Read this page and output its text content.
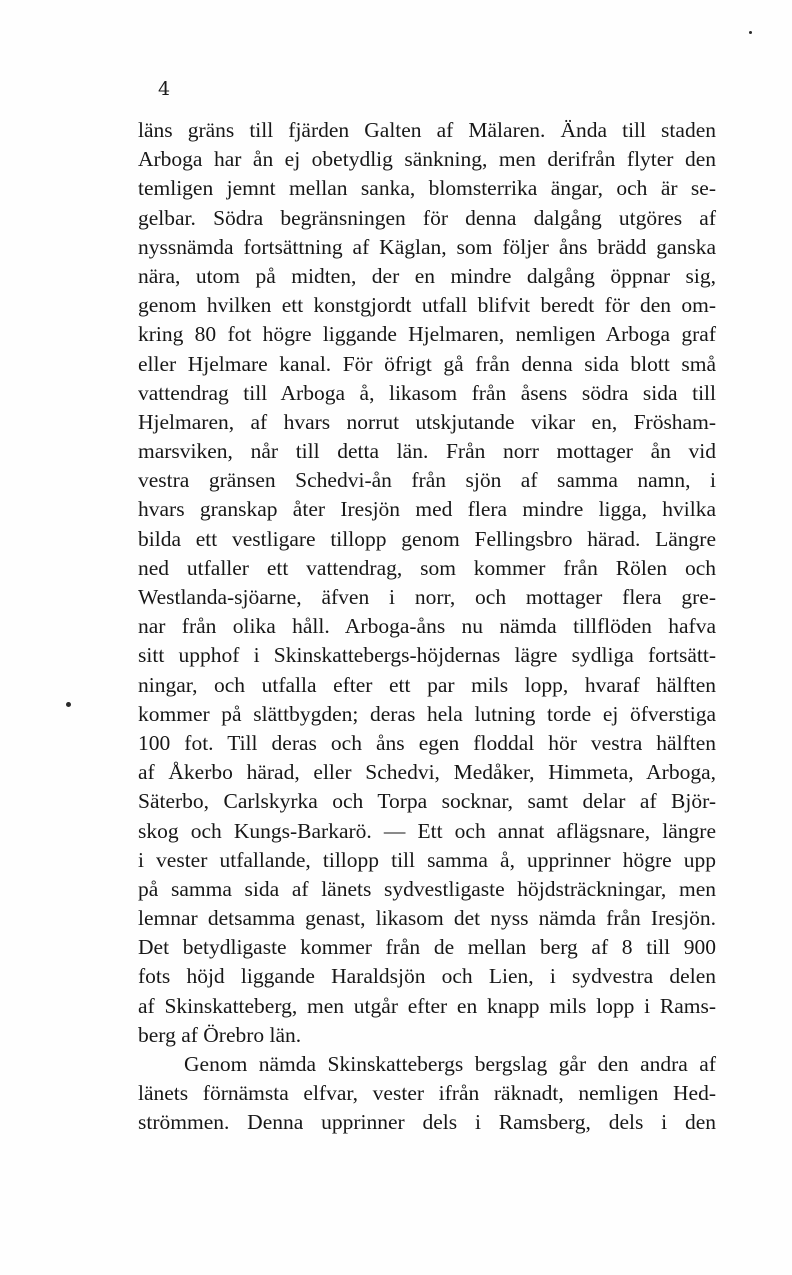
4
läns gräns till fjärden Galten af Mälaren. Ända till staden
Arboga har ån ej obetydlig sänkning, men derifrån flyter den
temligen jemnt mellan sanka, blomsterrika ängar, och är se-
gelbar. Södra begränsningen för denna dalgång utgöres af
nyssnämda fortsättning af Käglan, som följer åns brädd ganska
nära, utom på midten, der en mindre dalgång öppnar sig,
genom hvilken ett konstgjordt utfall blifvit beredt för den om-
kring 80 fot högre liggande Hjelmaren, nemligen Arboga graf
eller Hjelmare kanal. För öfrigt gå från denna sida blott små
vattendrag till Arboga å, likasom från åsens södra sida till
Hjelmaren, af hvars norrut utskjutande vikar en, Frösham-
marsviken, når till detta län. Från norr mottager ån vid
vestra gränsen Schedvi-ån från sjön af samma namn, i
hvars granskap åter Iresjön med flera mindre ligga, hvilka
bilda ett vestligare tillopp genom Fellingsbro härad. Längre
ned utfaller ett vattendrag, som kommer från Rölen och
Westlanda-sjöarne, äfven i norr, och mottager flera gre-
nar från olika håll. Arboga-åns nu nämda tillflöden hafva
sitt upphof i Skinskattebergs-höjdernas lägre sydliga fortsätt-
ningar, och utfalla efter ett par mils lopp, hvaraf hälften
kommer på slättbygden; deras hela lutning torde ej öfverstiga
100 fot. Till deras och åns egen floddal hör vestra hälften
af Åkerbo härad, eller Schedvi, Medåker, Himmeta, Arboga,
Säterbo, Carlskyrka och Torpa socknar, samt delar af Björ-
skog och Kungs-Barkarö. — Ett och annat aflägsnare, längre
i vester utfallande, tillopp till samma å, upprinner högre upp
på samma sida af länets sydvestligaste höjdsträckningar, men
lemnar detsamma genast, likasom det nyss nämda från Iresjön.
Det betydligaste kommer från de mellan berg af 8 till 900
fots höjd liggande Haraldsjön och Lien, i sydvestra delen
af Skinskatteberg, men utgår efter en knapp mils lopp i Rams-
berg af Örebro län.
Genom nämda Skinskattebergs bergslag går den andra af
länets förnämsta elfvar, vester ifrån räknadt, nemligen Hed-
strömmen. Denna upprinner dels i Ramsberg, dels i den
